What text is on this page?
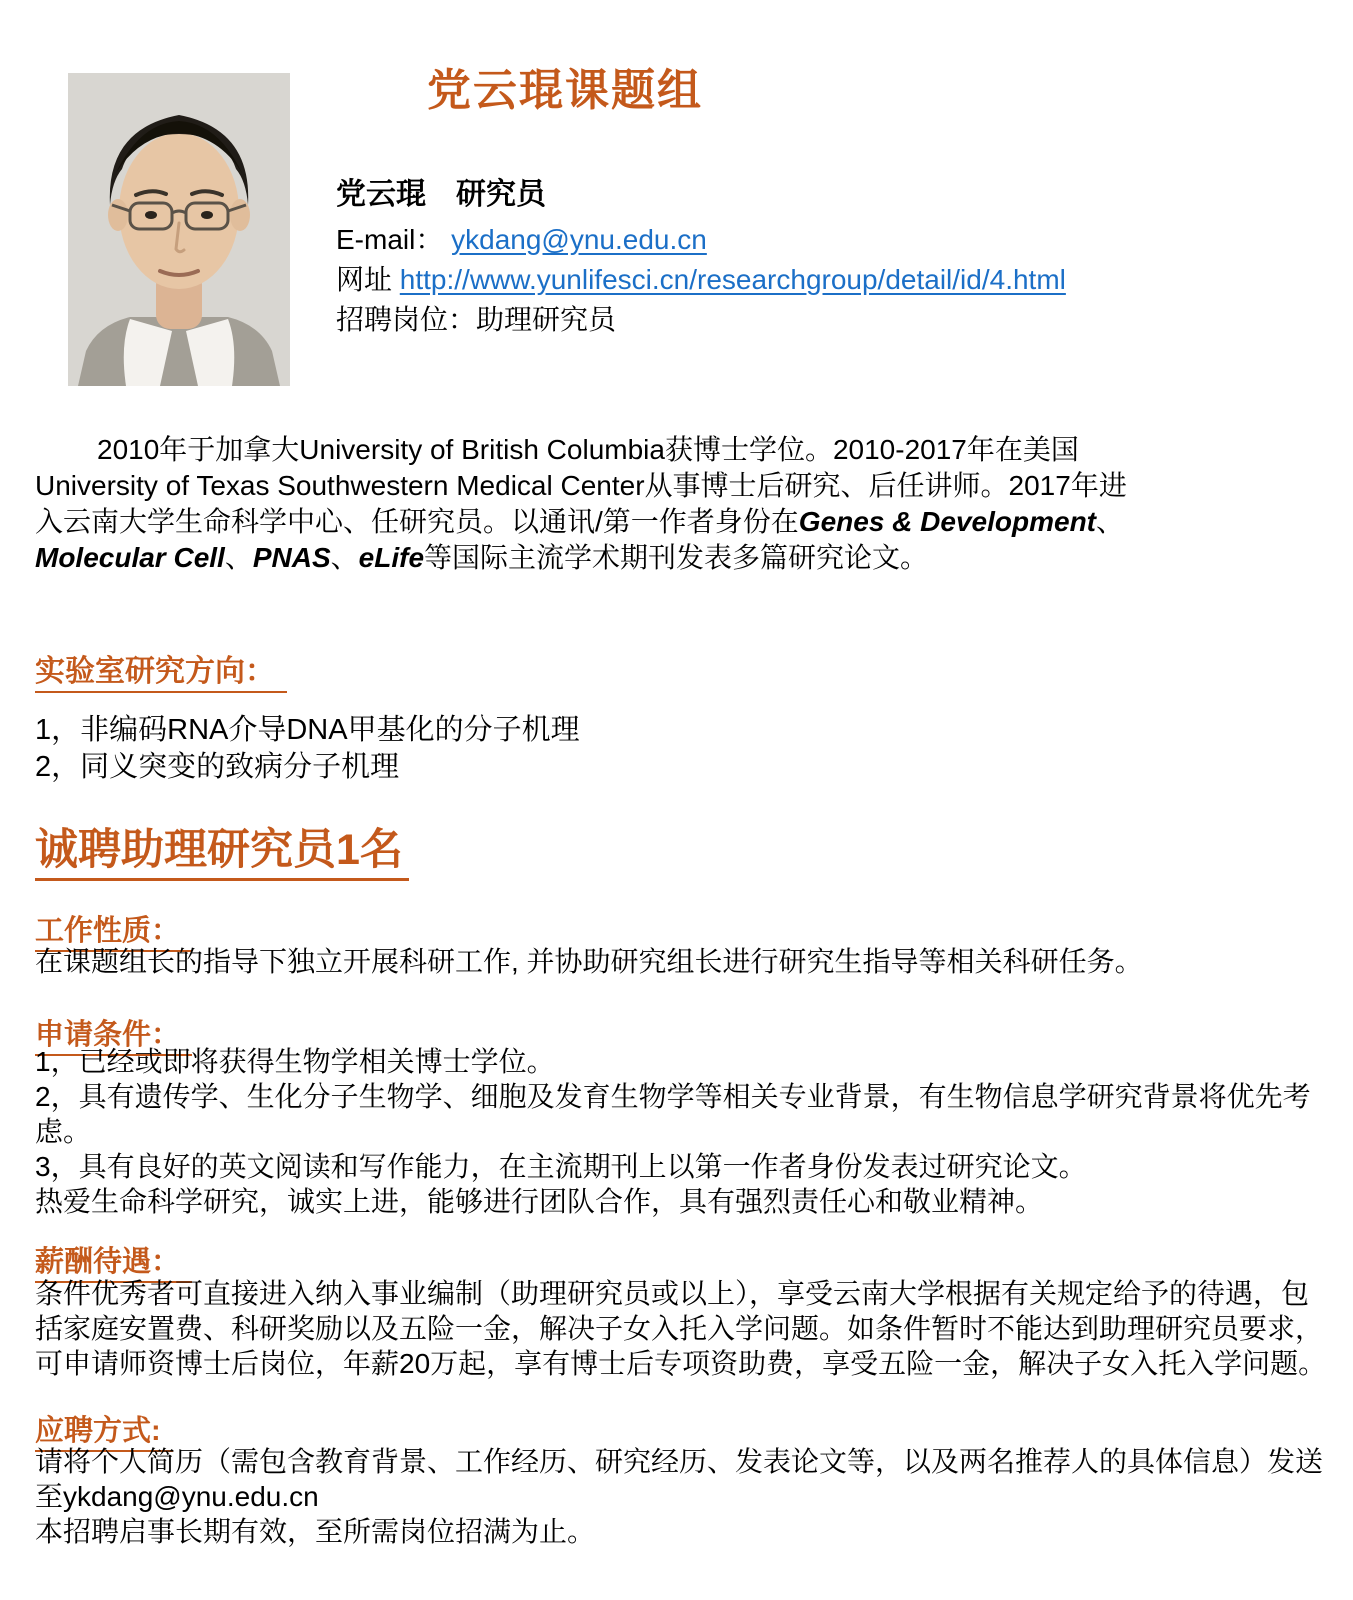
党云琨课题组
党云琨　研究员
E-mail： ykdang@ynu.edu.cn
网址 http://www.yunlifesci.cn/researchgroup/detail/id/4.html
招聘岗位：助理研究员
2010年于加拿大University of British Columbia获博士学位。2010-2017年在美国
University of Texas Southwestern Medical Center从事博士后研究、后任讲师。2017年进
入云南大学生命科学中心、任研究员。以通讯/第一作者身份在Genes & Development、
Molecular Cell、PNAS、eLife等国际主流学术期刊发表多篇研究论文。
实验室研究方向：
1，非编码RNA介导DNA甲基化的分子机理
2，同义突变的致病分子机理
诚聘助理研究员1名
工作性质：
在课题组长的指导下独立开展科研工作, 并协助研究组长进行研究生指导等相关科研任务。
申请条件：
1，已经或即将获得生物学相关博士学位。
2，具有遗传学、生化分子生物学、细胞及发育生物学等相关专业背景，有生物信息学研究背景将优先考
虑。
3，具有良好的英文阅读和写作能力，在主流期刊上以第一作者身份发表过研究论文。
热爱生命科学研究，诚实上进，能够进行团队合作，具有强烈责任心和敬业精神。
薪酬待遇：
条件优秀者可直接进入纳入事业编制（助理研究员或以上），享受云南大学根据有关规定给予的待遇，包
括家庭安置费、科研奖励以及五险一金，解决子女入托入学问题。如条件暂时不能达到助理研究员要求，
可申请师资博士后岗位，年薪20万起，享有博士后专项资助费，享受五险一金，解决子女入托入学问题。
应聘方式:
请将个人简历（需包含教育背景、工作经历、研究经历、发表论文等，以及两名推荐人的具体信息）发送
至ykdang@ynu.edu.cn
本招聘启事长期有效，至所需岗位招满为止。
